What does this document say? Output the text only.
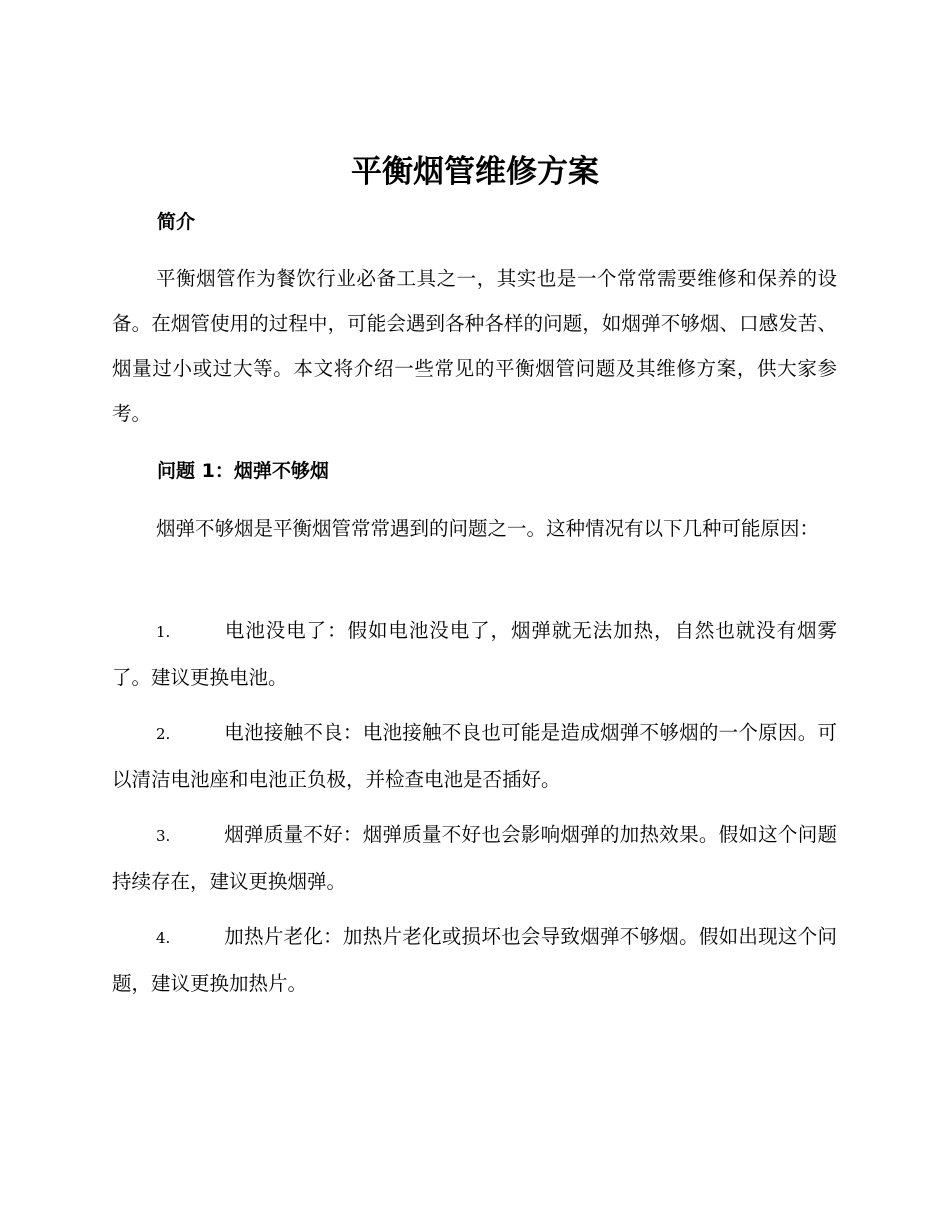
平衡烟管维修方案
简介

平衡烟管作为餐饮行业必备工具之一，其实也是一个常常需要维修和保养的设备。在烟管使用的过程中，可能会遇到各种各样的问题，如烟弹不够烟、口感发苦、烟量过小或过大等。本文将介绍一些常见的平衡烟管问题及其维修方案，供大家参考。

问题 1：烟弹不够烟

烟弹不够烟是平衡烟管常常遇到的问题之一。这种情况有以下几种可能原因：

1.	电池没电了：假如电池没电了，烟弹就无法加热，自然也就没有烟雾了。建议更换电池。

2.	电池接触不良：电池接触不良也可能是造成烟弹不够烟的一个原因。可以清洁电池座和电池正负极，并检查电池是否插好。

3.	烟弹质量不好：烟弹质量不好也会影响烟弹的加热效果。假如这个问题持续存在，建议更换烟弹。

4.	加热片老化：加热片老化或损坏也会导致烟弹不够烟。假如出现这个问题，建议更换加热片。
